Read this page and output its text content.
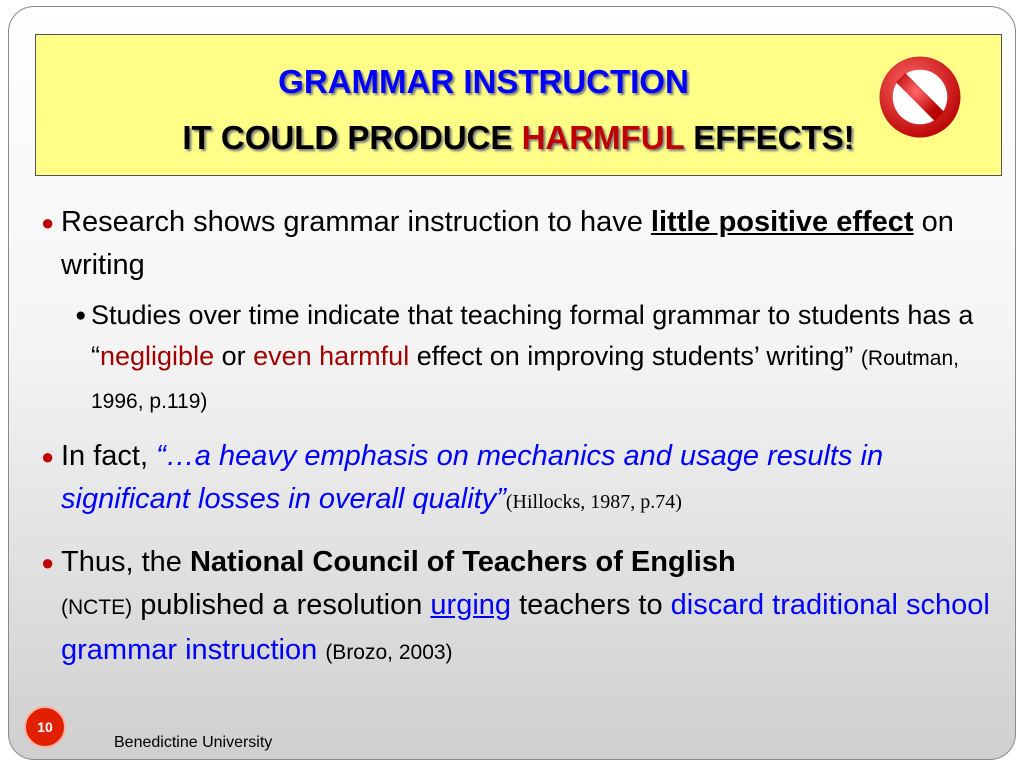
GRAMMAR INSTRUCTION
IT COULD PRODUCE HARMFUL EFFECTS!
● Research shows grammar instruction to have little positive effect on writing
● Studies over time indicate that teaching formal grammar to students has a “negligible or even harmful effect on improving students’ writing” (Routman, 1996, p.119)
● In fact, “…a heavy emphasis on mechanics and usage results in significant losses in overall quality”(Hillocks, 1987, p.74)
● Thus, the National Council of Teachers of English
(NCTE) published a resolution urging teachers to discard traditional school grammar instruction (Brozo, 2003)
10
Benedictine University
